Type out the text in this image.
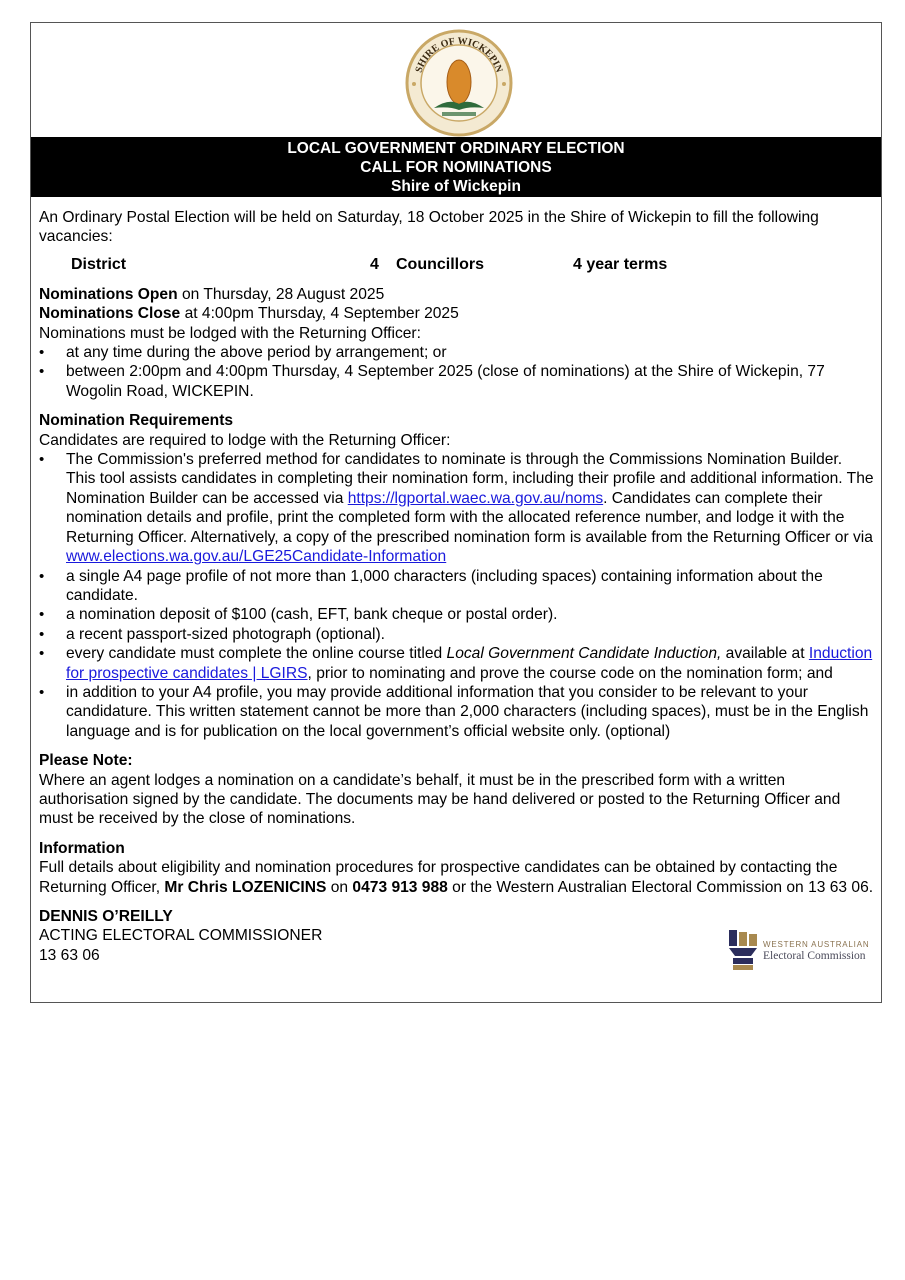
SHIRE OF WICKEPIN
LOCAL GOVERNMENT ORDINARY ELECTION
CALL FOR NOMINATIONS
Shire of Wickepin

An Ordinary Postal Election will be held on Saturday, 18 October 2025 in the Shire of Wickepin to fill the following vacancies:

District	4 Councillors	4 year terms

Nominations Open on Thursday, 28 August 2025

Nominations Close at 4:00pm Thursday, 4 September 2025

Nominations must be lodged with the Returning Officer:

• at any time during the above period by arrangement; or
• between 2:00pm and 4:00pm Thursday, 4 September 2025 (close of nominations) at the Shire of Wickepin, 77 Wogolin Road, WICKEPIN.

Nomination Requirements

Candidates are required to lodge with the Returning Officer:

• The Commission's preferred method for candidates to nominate is through the Commissions Nomination Builder. This tool assists candidates in completing their nomination form, including their profile and additional information. The Nomination Builder can be accessed via https://lgportal.waec.wa.gov.au/noms. Candidates can complete their nomination details and profile, print the completed form with the allocated reference number, and lodge it with the Returning Officer. Alternatively, a copy of the prescribed nomination form is available from the Returning Officer or via www.elections.wa.gov.au/LGE25Candidate-Information
• a single A4 page profile of not more than 1,000 characters (including spaces) containing information about the candidate.
• a nomination deposit of $100 (cash, EFT, bank cheque or postal order).
• a recent passport-sized photograph (optional).
• every candidate must complete the online course titled Local Government Candidate Induction, available at Induction for prospective candidates | LGIRS, prior to nominating and prove the course code on the nomination form; and
• in addition to your A4 profile, you may provide additional information that you consider to be relevant to your candidature. This written statement cannot be more than 2,000 characters (including spaces), must be in the English language and is for publication on the local government’s official website only. (optional)

Please Note:

Where an agent lodges a nomination on a candidate’s behalf, it must be in the prescribed form with a written authorisation signed by the candidate. The documents may be hand delivered or posted to the Returning Officer and must be received by the close of nominations.

Information

Full details about eligibility and nomination procedures for prospective candidates can be obtained by contacting the Returning Officer, Mr Chris LOZENICINS on 0473 913 988 or the Western Australian Electoral Commission on 13 63 06.

DENNIS O’REILLY

ACTING ELECTORAL COMMISSIONER

13 63 06

WESTERN AUSTRALIAN
Electoral Commission
